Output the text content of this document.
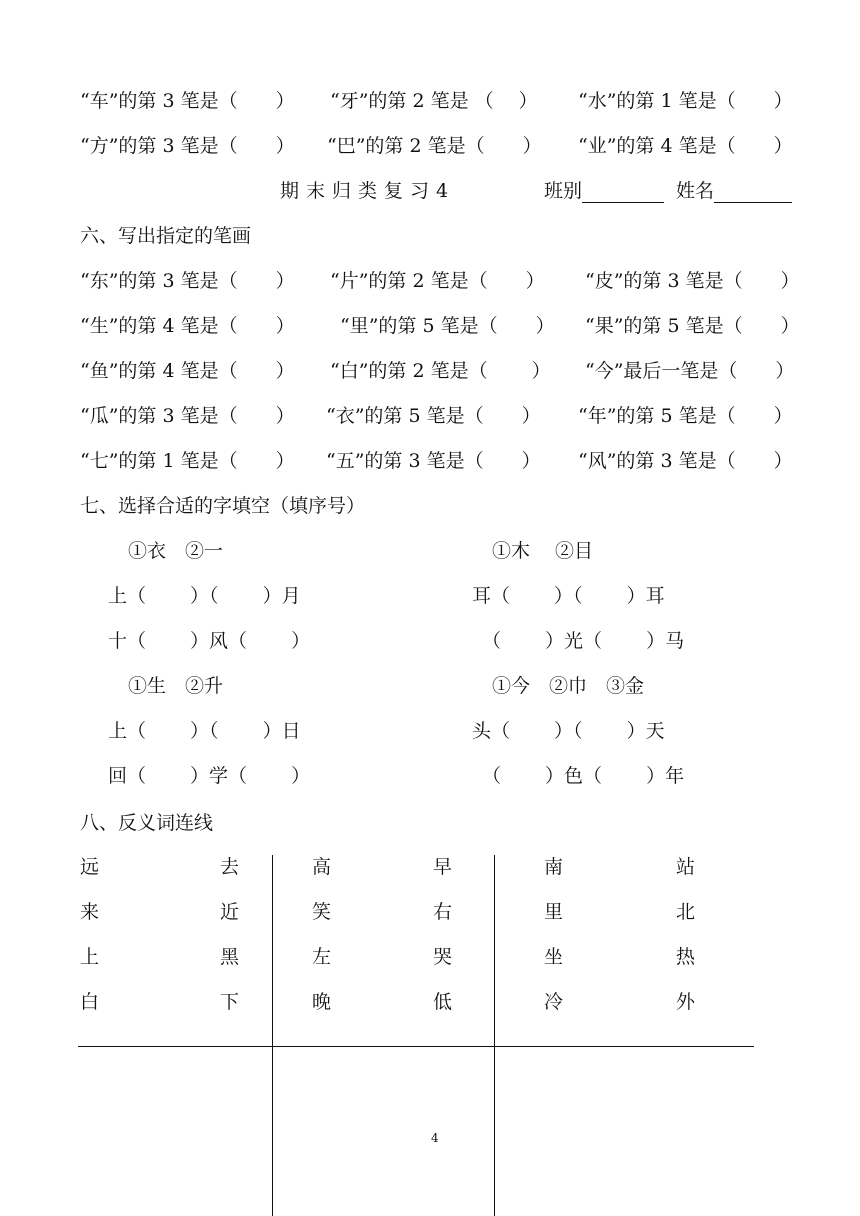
“车”的第 3 笔是（　　） “牙”的第 2 笔是 （　 ） “水”的第 1 笔是（　　）
“方”的第 3 笔是（　　） “巴”的第 2 笔是（　　） “业”的第 4 笔是（　　）
期末归类复习4	班别	姓名
六、写出指定的笔画
“东”的第 3 笔是（　　） “片”的第 2 笔是（　　） “皮”的第 3 笔是（　　）
“生”的第 4 笔是（　　） “里”的第 5 笔是（　　） “果”的第 5 笔是（　　）
“鱼”的第 4 笔是（　　） “白”的第 2 笔是（　　 ） “今”最后一笔是（　　）
“瓜”的第 3 笔是（　　） “衣”的第 5 笔是（　　） “年”的第 5 笔是（　　）
“七”的第 1 笔是（　　） “五”的第 3 笔是（　　） “风”的第 3 笔是（　　）
七、选择合适的字填空（填序号）
①衣　②一	①木　 ②目
上（　　 ）（　　 ）月	耳（　　 ）（　　 ）耳
十（　　 ）风（　　 ）	（　　 ）光（　　 ）马
①生　②升	①今　②巾　③金
上（　　 ）（　　 ）日	头（　　 ）（　　 ）天
回（　　 ）学（　　 ）	（　　 ）色（　　 ）年
八、反义词连线
远	去	高	早	南	站
来	近	笑	右	里	北
上	黑	左	哭	坐	热
白	下	晚	低	冷	外
4
